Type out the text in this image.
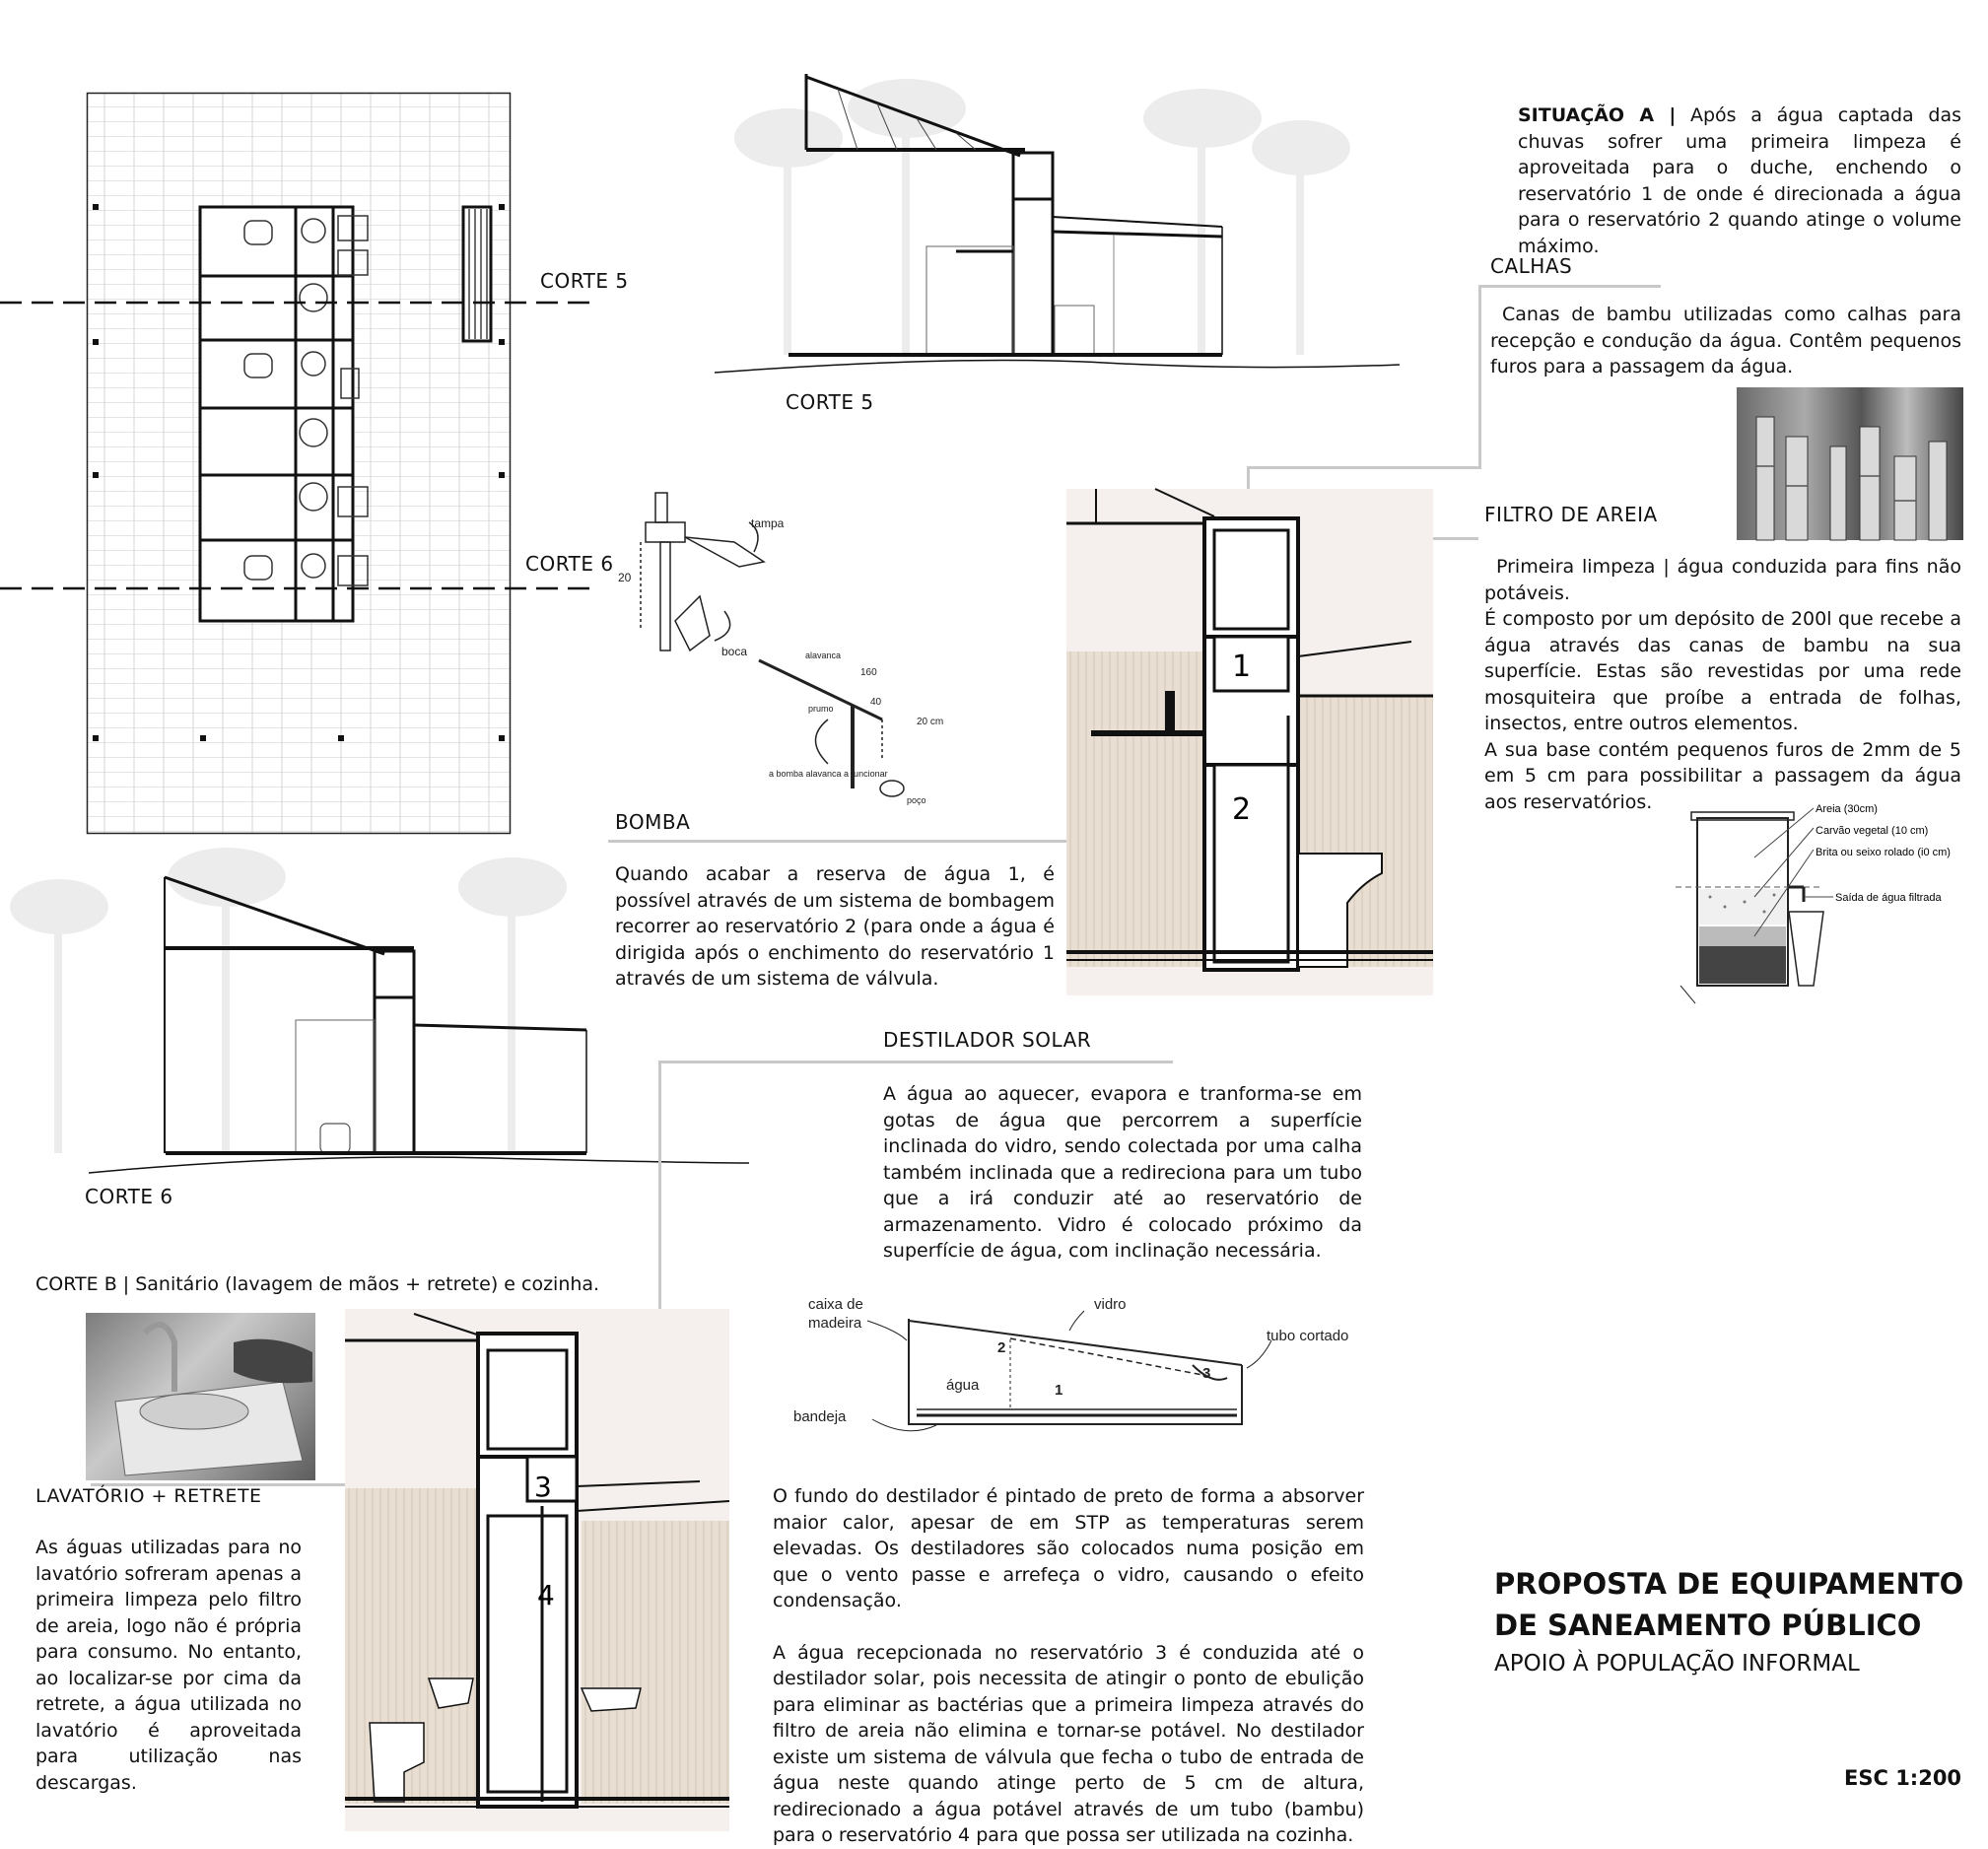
CORTE 5
CORTE 6
CORTE 5
CORTE 6
SITUAÇÃO A | Após a água captada das chuvas sofrer uma primeira limpeza é aproveitada para o duche, enchendo o reservatório 1 de onde é direcionada a água para o reservatório 2 quando atinge o volume máximo.
CALHAS
Canas de bambu utilizadas como calhas para recepção e condução da água. Contêm pequenos furos para a passagem da água.
FILTRO DE AREIA

Primeira limpeza | água conduzida para fins não potáveis.

É composto por um depósito de 200l que recebe a água através das canas de bambu na sua superfície. Estas são revestidas por uma rede mosquiteira que proíbe a entrada de folhas, insectos, entre outros elementos.

A sua base contém pequenos furos de 2mm de 5 em 5 cm para possibilitar a passagem da água aos reservatórios.	Areia (30cm)
Carvão vegetal (10 cm)
Brita ou seixo rolado (i0 cm)
Saída de água filtrada
tampa
boca
20
alavanca
160
40
prumo
20 cm
a bomba alavanca a funcionar
poço
BOMBA
Quando acabar a reserva de água 1, é possível através de um sistema de bombagem recorrer ao reservatório 2 (para onde a água é dirigida após o enchimento do reservatório 1 através de um sistema de válvula.
1
2
DESTILADOR SOLAR
A água ao aquecer, evapora e tranforma-se em gotas de água que percorrem a superfície inclinada do vidro, sendo colectada por uma calha também inclinada que a redireciona para um tubo que a irá conduzir até ao reservatório de armazenamento. Vidro é colocado próximo da superfície de água, com inclinação necessária.
caixa de
madeira
vidro
tubo cortado
água
bandeja
1
2
3

O fundo do destilador é pintado de preto de forma a absorver maior calor, apesar de em STP as temperaturas serem elevadas. Os destiladores são colocados numa posição em que o vento passe e arrefeça o vidro, causando o efeito condensação.

A água recepcionada no reservatório 3 é conduzida até o destilador solar, pois necessita de atingir o ponto de ebulição para eliminar as bactérias que a primeira limpeza através do filtro de areia não elimina e tornar-se potável. No destilador existe um sistema de válvula que fecha o tubo de entrada de água neste quando atinge perto de 5 cm de altura, redirecionado a água potável através de um tubo (bambu) para o reservatório 4 para que possa ser utilizada na cozinha.

CORTE B | Sanitário (lavagem de mãos + retrete) e cozinha.
LAVATÓRIO + RETRETE
As águas utilizadas para no lavatório sofreram apenas a primeira limpeza pelo filtro de areia, logo não é própria para consumo. No entanto, ao localizar-se por cima da retrete, a água utilizada no lavatório é aproveitada para utilização nas descargas.
3
4	PROPOSTA DE EQUIPAMENTO
DE SANEAMENTO PÚBLICO
APOIO À POPULAÇÃO INFORMAL
ESC 1:200
